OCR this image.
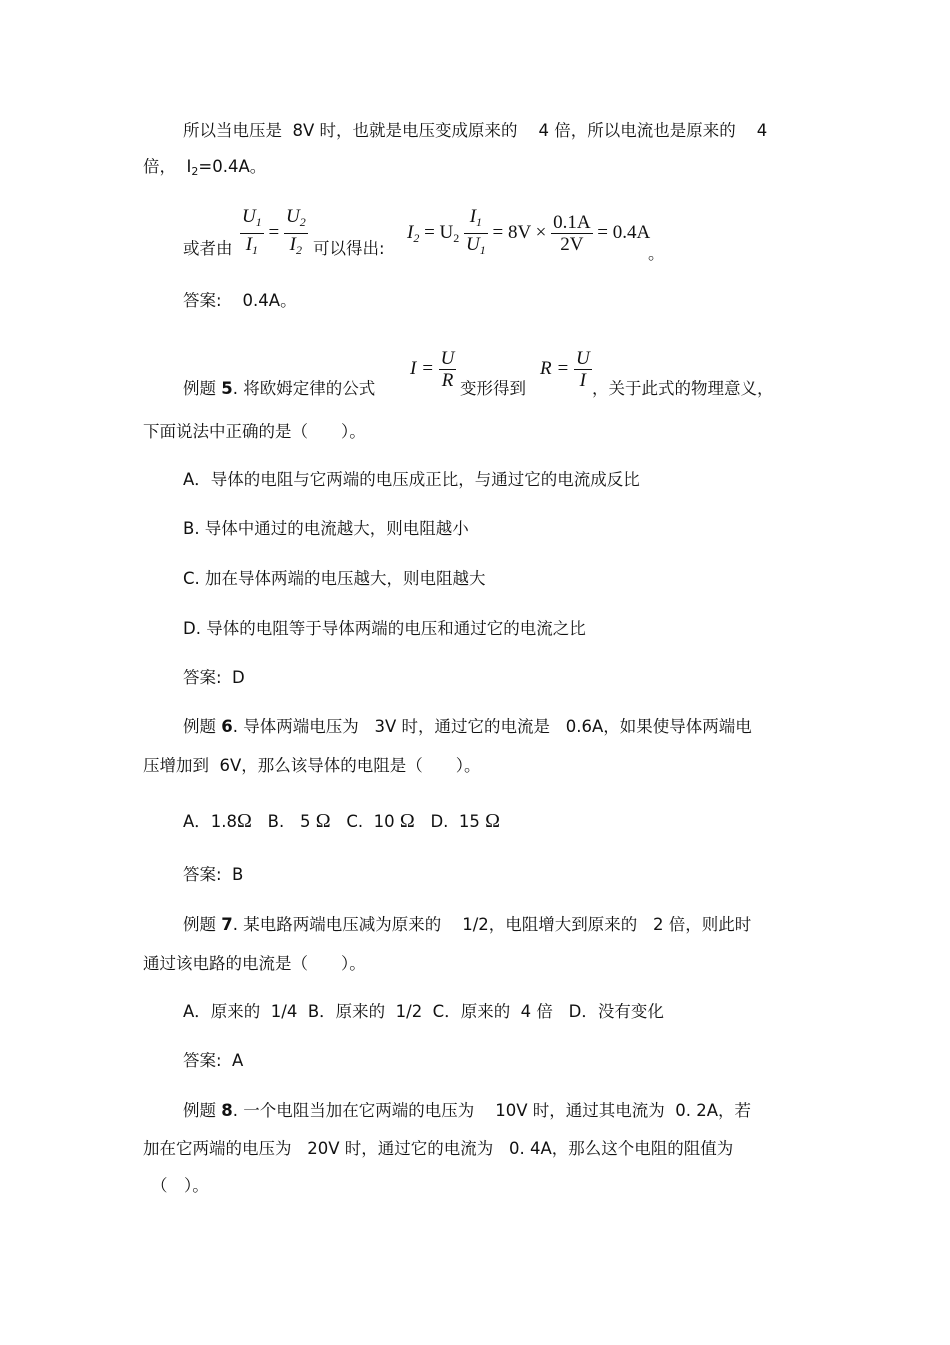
所以当电压是 8V 时，也就是电压变成原来的 4 倍，所以电流也是原来的 4
倍， I2=0.4A。
或者由 $\frac{U_1}{I_1} = \frac{U_2}{I_2}$ 可以得出:
$I_2 = U_2 \frac{I_1}{U_1} = 8V \times \frac{0.1A}{2V} = 0.4A$
。
答案: 0.4A。
例题 5. 将欧姆定律的公式
$I = \frac{U}{R}$ 变形得到
$R = \frac{U}{I}$ ，关于此式的物理意义，
下面说法中正确的是（　　）。
A．导体的电阻与它两端的电压成正比，与通过它的电流成反比
B. 导体中通过的电流越大，则电阻越小
C. 加在导体两端的电压越大，则电阻越大
D. 导体的电阻等于导体两端的电压和通过它的电流之比
答案:  D
例题 6. 导体两端电压为   3V 时，通过它的电流是   0.6A，如果使导体两端电
压增加到  6V，那么该导体的电阻是（　　）。
A．1.8Ω B.   5 Ω C.  10 Ω D.  15 Ω
答案:  B
例题 7. 某电路两端电压减为原来的    1/2，电阻增大到原来的   2 倍，则此时
通过该电路的电流是（　　）。
A．原来的  1/4  B．原来的  1/2  C．原来的  4 倍   D．没有变化
答案:  A
例题 8. 一个电阻当加在它两端的电压为    10V 时，通过其电流为  0. 2A，若
加在它两端的电压为   20V 时，通过它的电流为   0. 4A，那么这个电阻的阻值为
（　）。
